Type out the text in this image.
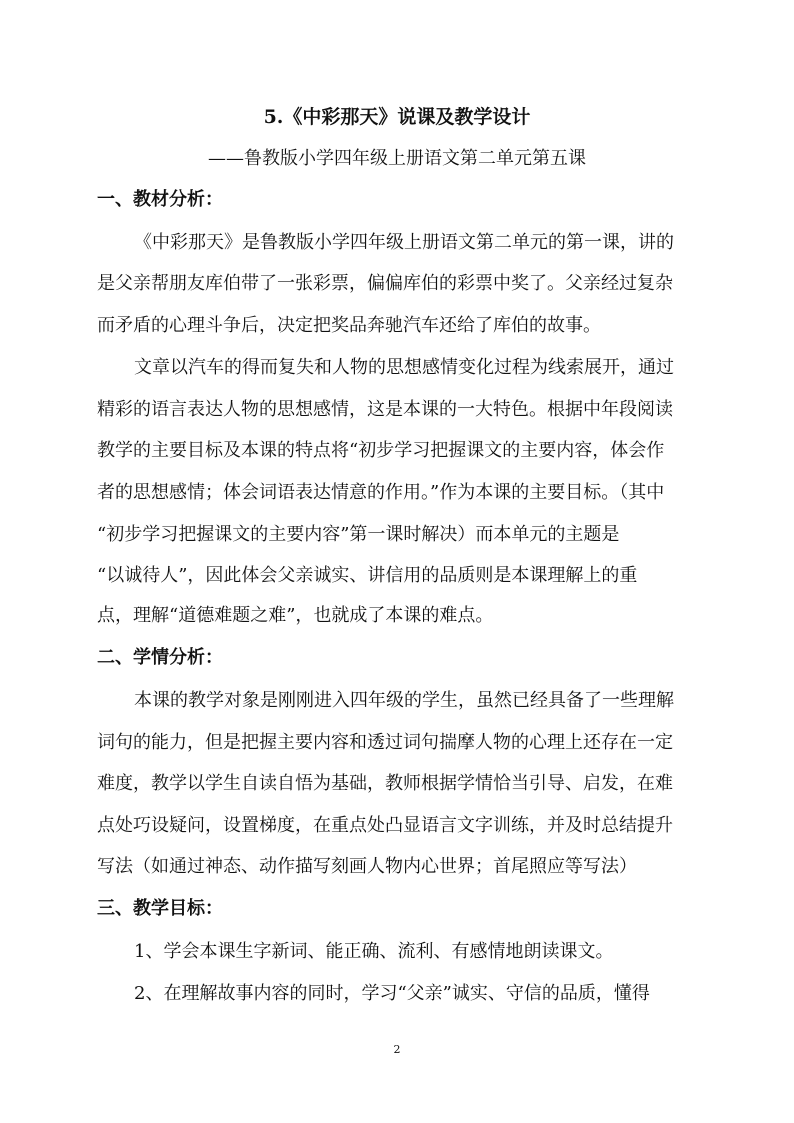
5.《中彩那天》说课及教学设计
——鲁教版小学四年级上册语文第二单元第五课
一、教材分析：
《中彩那天》是鲁教版小学四年级上册语文第二单元的第一课，讲的
是父亲帮朋友库伯带了一张彩票，偏偏库伯的彩票中奖了。父亲经过复杂
而矛盾的心理斗争后，决定把奖品奔驰汽车还给了库伯的故事。
文章以汽车的得而复失和人物的思想感情变化过程为线索展开，通过
精彩的语言表达人物的思想感情，这是本课的一大特色。根据中年段阅读
教学的主要目标及本课的特点将“初步学习把握课文的主要内容，体会作
者的思想感情；体会词语表达情意的作用。”作为本课的主要目标。（其中
“初步学习把握课文的主要内容”第一课时解决）而本单元的主题是
“以诚待人”，因此体会父亲诚实、讲信用的品质则是本课理解上的重
点，理解“道德难题之难”，也就成了本课的难点。
二、学情分析：
本课的教学对象是刚刚进入四年级的学生，虽然已经具备了一些理解
词句的能力，但是把握主要内容和透过词句揣摩人物的心理上还存在一定
难度，教学以学生自读自悟为基础，教师根据学情恰当引导、启发，在难
点处巧设疑问，设置梯度，在重点处凸显语言文字训练，并及时总结提升
写法（如通过神态、动作描写刻画人物内心世界；首尾照应等写法）
三、教学目标：
1、学会本课生字新词、能正确、流利、有感情地朗读课文。
2、在理解故事内容的同时，学习“父亲”诚实、守信的品质，懂得
2
